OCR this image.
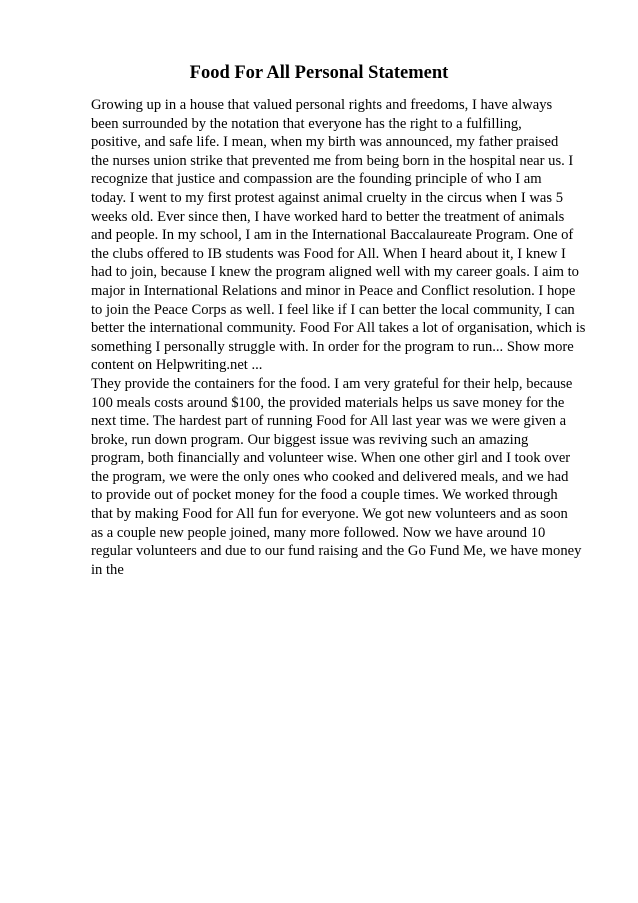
Food For All Personal Statement
Growing up in a house that valued personal rights and freedoms, I have always
been surrounded by the notation that everyone has the right to a fulfilling,
positive, and safe life. I mean, when my birth was announced, my father praised
the nurses union strike that prevented me from being born in the hospital near us. I
recognize that justice and compassion are the founding principle of who I am
today. I went to my first protest against animal cruelty in the circus when I was 5
weeks old. Ever since then, I have worked hard to better the treatment of animals
and people. In my school, I am in the International Baccalaureate Program. One of
the clubs offered to IB students was Food for All. When I heard about it, I knew I
had to join, because I knew the program aligned well with my career goals. I aim to
major in International Relations and minor in Peace and Conflict resolution. I hope
to join the Peace Corps as well. I feel like if I can better the local community, I can
better the international community. Food For All takes a lot of organisation, which is
something I personally struggle with. In order for the program to run... Show more
content on Helpwriting.net ...
They provide the containers for the food. I am very grateful for their help, because
100 meals costs around $100, the provided materials helps us save money for the
next time. The hardest part of running Food for All last year was we were given a
broke, run down program. Our biggest issue was reviving such an amazing
program, both financially and volunteer wise. When one other girl and I took over
the program, we were the only ones who cooked and delivered meals, and we had
to provide out of pocket money for the food a couple times. We worked through
that by making Food for All fun for everyone. We got new volunteers and as soon
as a couple new people joined, many more followed. Now we have around 10
regular volunteers and due to our fund raising and the Go Fund Me, we have money
in the
